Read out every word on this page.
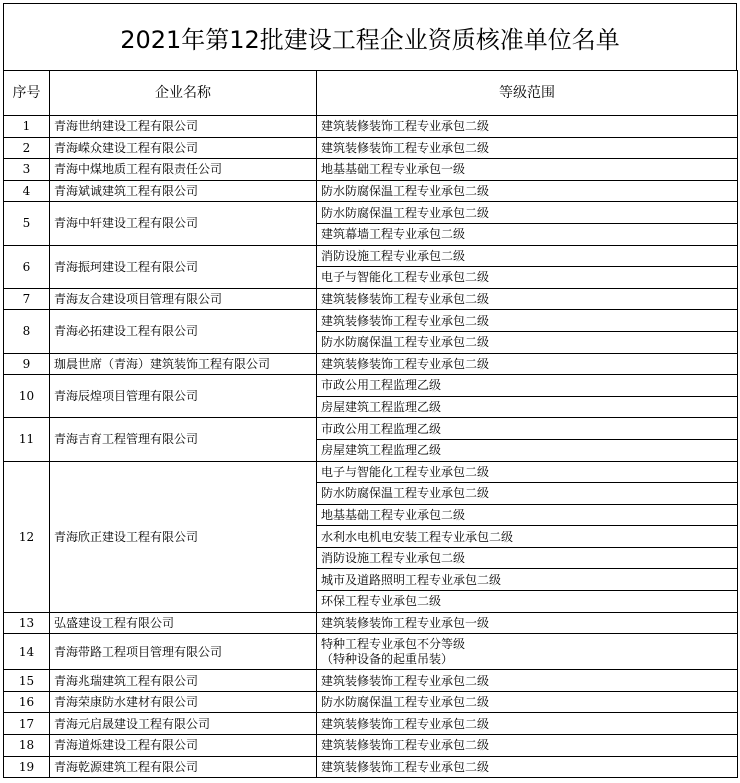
2021年第12批建设工程企业资质核准单位名单
序号	企业名称	等级范围
1	青海世纳建设工程有限公司	建筑装修装饰工程专业承包二级
2	青海嵘众建设工程有限公司	建筑装修装饰工程专业承包二级
3	青海中煤地质工程有限责任公司	地基基础工程专业承包一级
4	青海斌诚建筑工程有限公司	防水防腐保温工程专业承包二级
5	青海中轩建设工程有限公司	防水防腐保温工程专业承包二级
		建筑幕墙工程专业承包二级
6	青海振珂建设工程有限公司	消防设施工程专业承包二级
		电子与智能化工程专业承包二级
7	青海友合建设项目管理有限公司	建筑装修装饰工程专业承包二级
8	青海必拓建设工程有限公司	建筑装修装饰工程专业承包二级
		防水防腐保温工程专业承包二级
9	珈晨世席（青海）建筑装饰工程有限公司	建筑装修装饰工程专业承包二级
10	青海辰煌项目管理有限公司	市政公用工程监理乙级
		房屋建筑工程监理乙级
11	青海吉育工程管理有限公司	市政公用工程监理乙级
		房屋建筑工程监理乙级
12	青海欣正建设工程有限公司	电子与智能化工程专业承包二级
		防水防腐保温工程专业承包二级
		地基基础工程专业承包二级
		水利水电机电安装工程专业承包二级
		消防设施工程专业承包二级
		城市及道路照明工程专业承包二级
		环保工程专业承包二级
13	弘盛建设工程有限公司	建筑装修装饰工程专业承包一级
14	青海带路工程项目管理有限公司	特种工程专业承包不分等级
（特种设备的起重吊装）

15	青海兆瑞建筑工程有限公司	建筑装修装饰工程专业承包二级
16	青海荣康防水建材有限公司	防水防腐保温工程专业承包二级
17	青海元启晟建设工程有限公司	建筑装修装饰工程专业承包二级
18	青海道烁建设工程有限公司	建筑装修装饰工程专业承包二级
19	青海乾源建筑工程有限公司	建筑装修装饰工程专业承包二级
